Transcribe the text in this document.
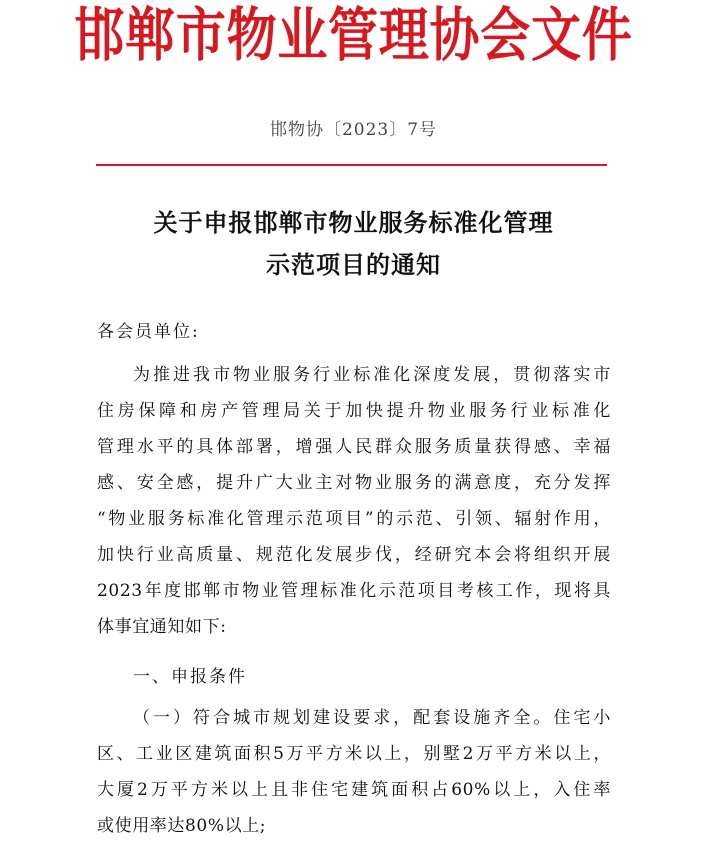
邯郸市物业管理协会文件
邯物协〔2023〕7号
关于申报邯郸市物业服务标准化管理
示范项目的通知
各会员单位:
为推进我市物业服务行业标准化深度发展，贯彻落实市
住房保障和房产管理局关于加快提升物业服务行业标准化
管理水平的具体部署，增强人民群众服务质量获得感、幸福
感、安全感，提升广大业主对物业服务的满意度，充分发挥
“物业服务标准化管理示范项目”的示范、引领、辐射作用，
加快行业高质量、规范化发展步伐，经研究本会将组织开展
2023年度邯郸市物业管理标准化示范项目考核工作，现将具
体事宜通知如下:
一、申报条件
（一）符合城市规划建设要求，配套设施齐全。住宅小
区、工业区建筑面积5万平方米以上，别墅2万平方米以上，
大厦2万平方米以上且非住宅建筑面积占60%以上，入住率
或使用率达80%以上;
